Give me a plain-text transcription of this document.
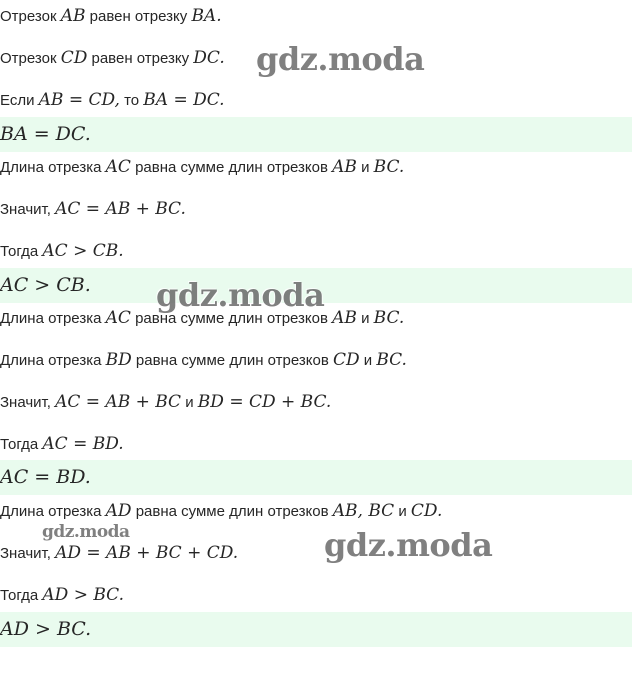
Отрезок AB равен отрезку BA.
Отрезок CD равен отрезку DC.
Если AB = CD, то BA = DC.
BA = DC.
Длина отрезка AC равна сумме длин отрезков AB и BC.
Значит, AC = AB + BC.
Тогда AC > CB.
AC > CB.
Длина отрезка AC равна сумме длин отрезков AB и BC.
Длина отрезка BD равна сумме длин отрезков CD и BC.
Значит, AC = AB + BC и BD = CD + BC.
Тогда AC = BD.
AC = BD.
Длина отрезка AD равна сумме длин отрезков AB, BC и CD.
Значит, AD = AB + BC + CD.
Тогда AD > BC.
AD > BC.
gdz.moda
gdz.moda
gdz.moda	gdz.moda
